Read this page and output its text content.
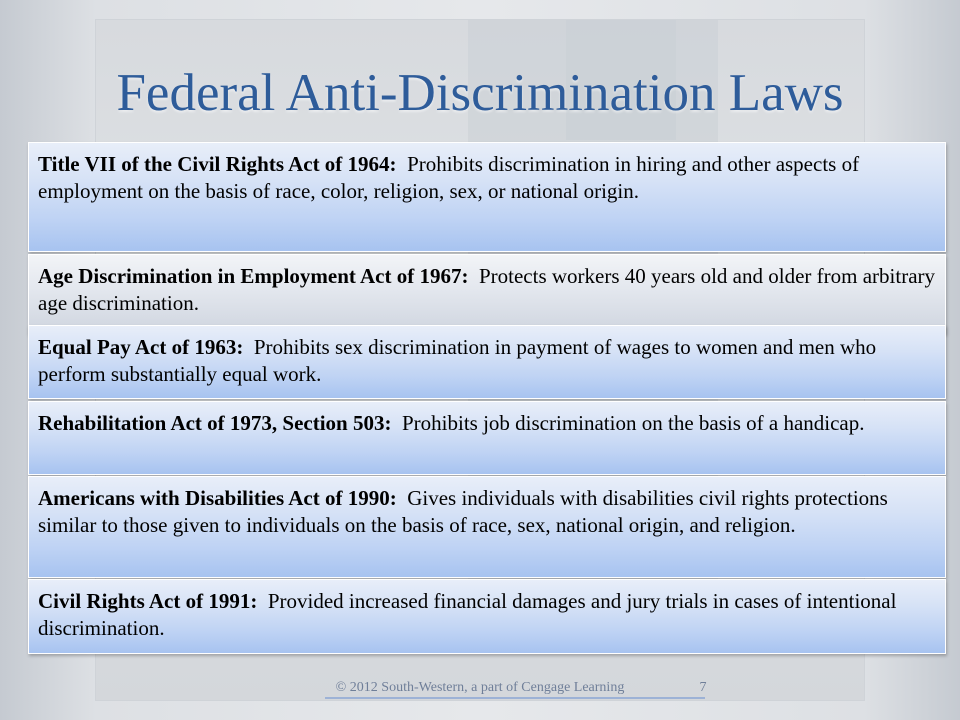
Federal Anti-Discrimination Laws
Title VII of the Civil Rights Act of 1964: Prohibits discrimination in hiring and other aspects of employment on the basis of race, color, religion, sex, or national origin.
Age Discrimination in Employment Act of 1967: Protects workers 40 years old and older from arbitrary age discrimination.
Equal Pay Act of 1963: Prohibits sex discrimination in payment of wages to women and men who perform substantially equal work.
Rehabilitation Act of 1973, Section 503: Prohibits job discrimination on the basis of a handicap.
Americans with Disabilities Act of 1990: Gives individuals with disabilities civil rights protections similar to those given to individuals on the basis of race, sex, national origin, and religion.
Civil Rights Act of 1991: Provided increased financial damages and jury trials in cases of intentional discrimination.
© 2012 South-Western, a part of Cengage Learning	7
